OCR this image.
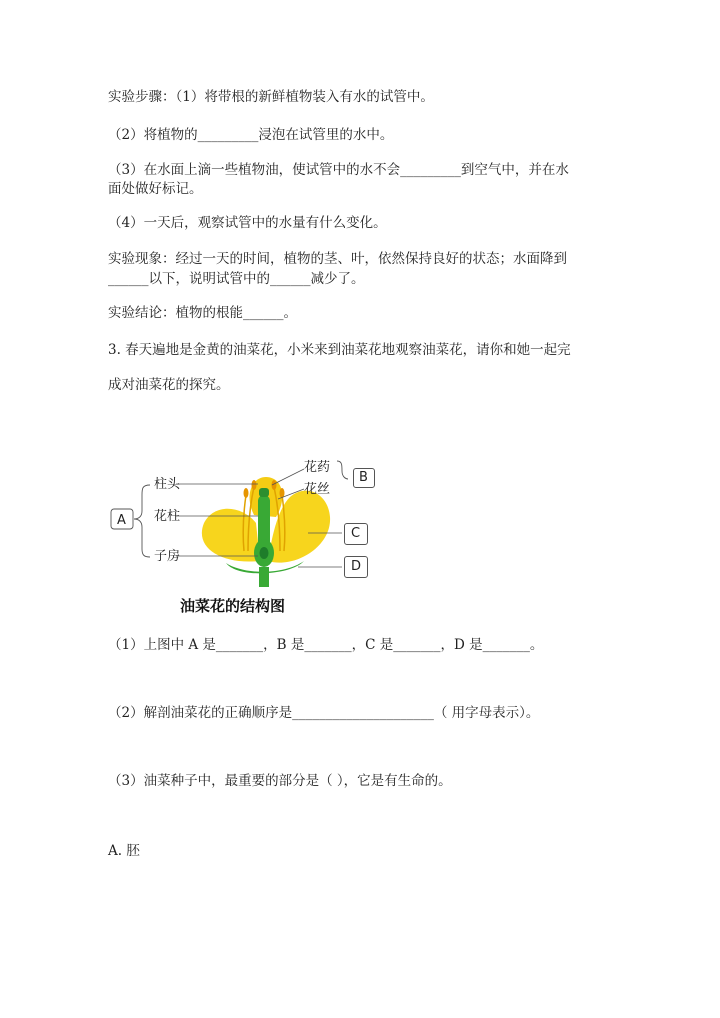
实验步骤：（1）将带根的新鲜植物装入有水的试管中。
（2）将植物的_________浸泡在试管里的水中。
（3）在水面上滴一些植物油，使试管中的水不会_________到空气中，并在水
面处做好标记。
（4）一天后，观察试管中的水量有什么变化。
实验现象：经过一天的时间，植物的茎、叶，依然保持良好的状态；水面降到
______以下，说明试管中的______减少了。
实验结论：植物的根能______。
3. 春天遍地是金黄的油菜花，小米来到油菜花地观察油菜花，请你和她一起完
成对油菜花的探究。
柱头
花柱
子房
A
花药
花丝
B
C
D
油菜花的结构图
（1）上图中 A 是_______，B 是_______，C 是_______，D 是_______。
（2）解剖油菜花的正确顺序是_____________________（ 用字母表示）。
（3）油菜种子中，最重要的部分是（ ），它是有生命的。
A. 胚
